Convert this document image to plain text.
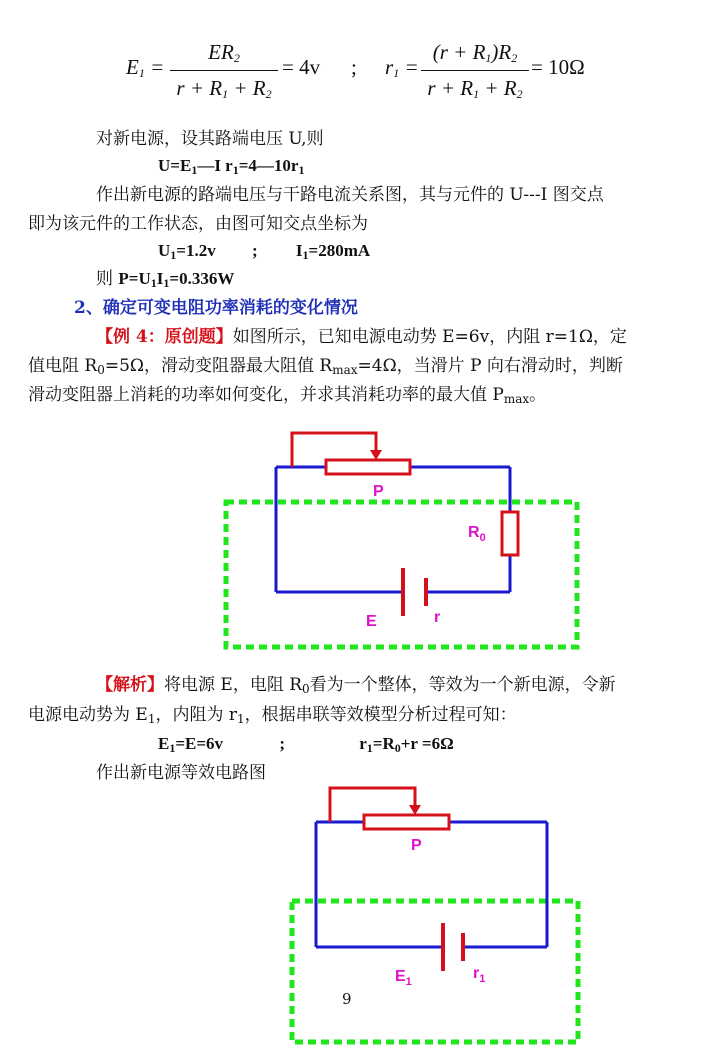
$E_1$ =
$ER_2$
$r + R_1 + R_2$
= 4v ; $r_1$ =
$(r + R_1)R_2$
$r + R_1 + R_2$
= 10Ω
对新电源，设其路端电压 U,则
$U=E_1—I$ $r_1=4—10r_1$
作出新电源的路端电压与干路电流关系图，其与元件的 U---I 图交点
即为该元件的工作状态，由图可知交点坐标为
$U_1=1.2v$ ; $I_1=280mA$
则 $P=U_1I_1=0.336W$
2、确定可变电阻功率消耗的变化情况
【例 4：原创题】如图所示，已知电源电动势 E=6v，内阻 r=1Ω，定
值电阻 $R_0=5\Omega$，滑动变阻器最大阻值 $R_{max}=4\Omega$，当滑片 P 向右滑动时，判断
滑动变阻器上消耗的功率如何变化，并求其消耗功率的最大值 $P_{max}$。
P
$R_0$
E	r
【解析】将电源 E，电阻 $R_0$看为一个整体，等效为一个新电源，令新
电源电动势为 $E_1$，内阻为 $r_1$，根据串联等效模型分析过程可知：
$E_1=E=6v$	;	$r_1=R_0+r =6\Omega$
作出新电源等效电路图
P
$E_1$	$r_1$
9
